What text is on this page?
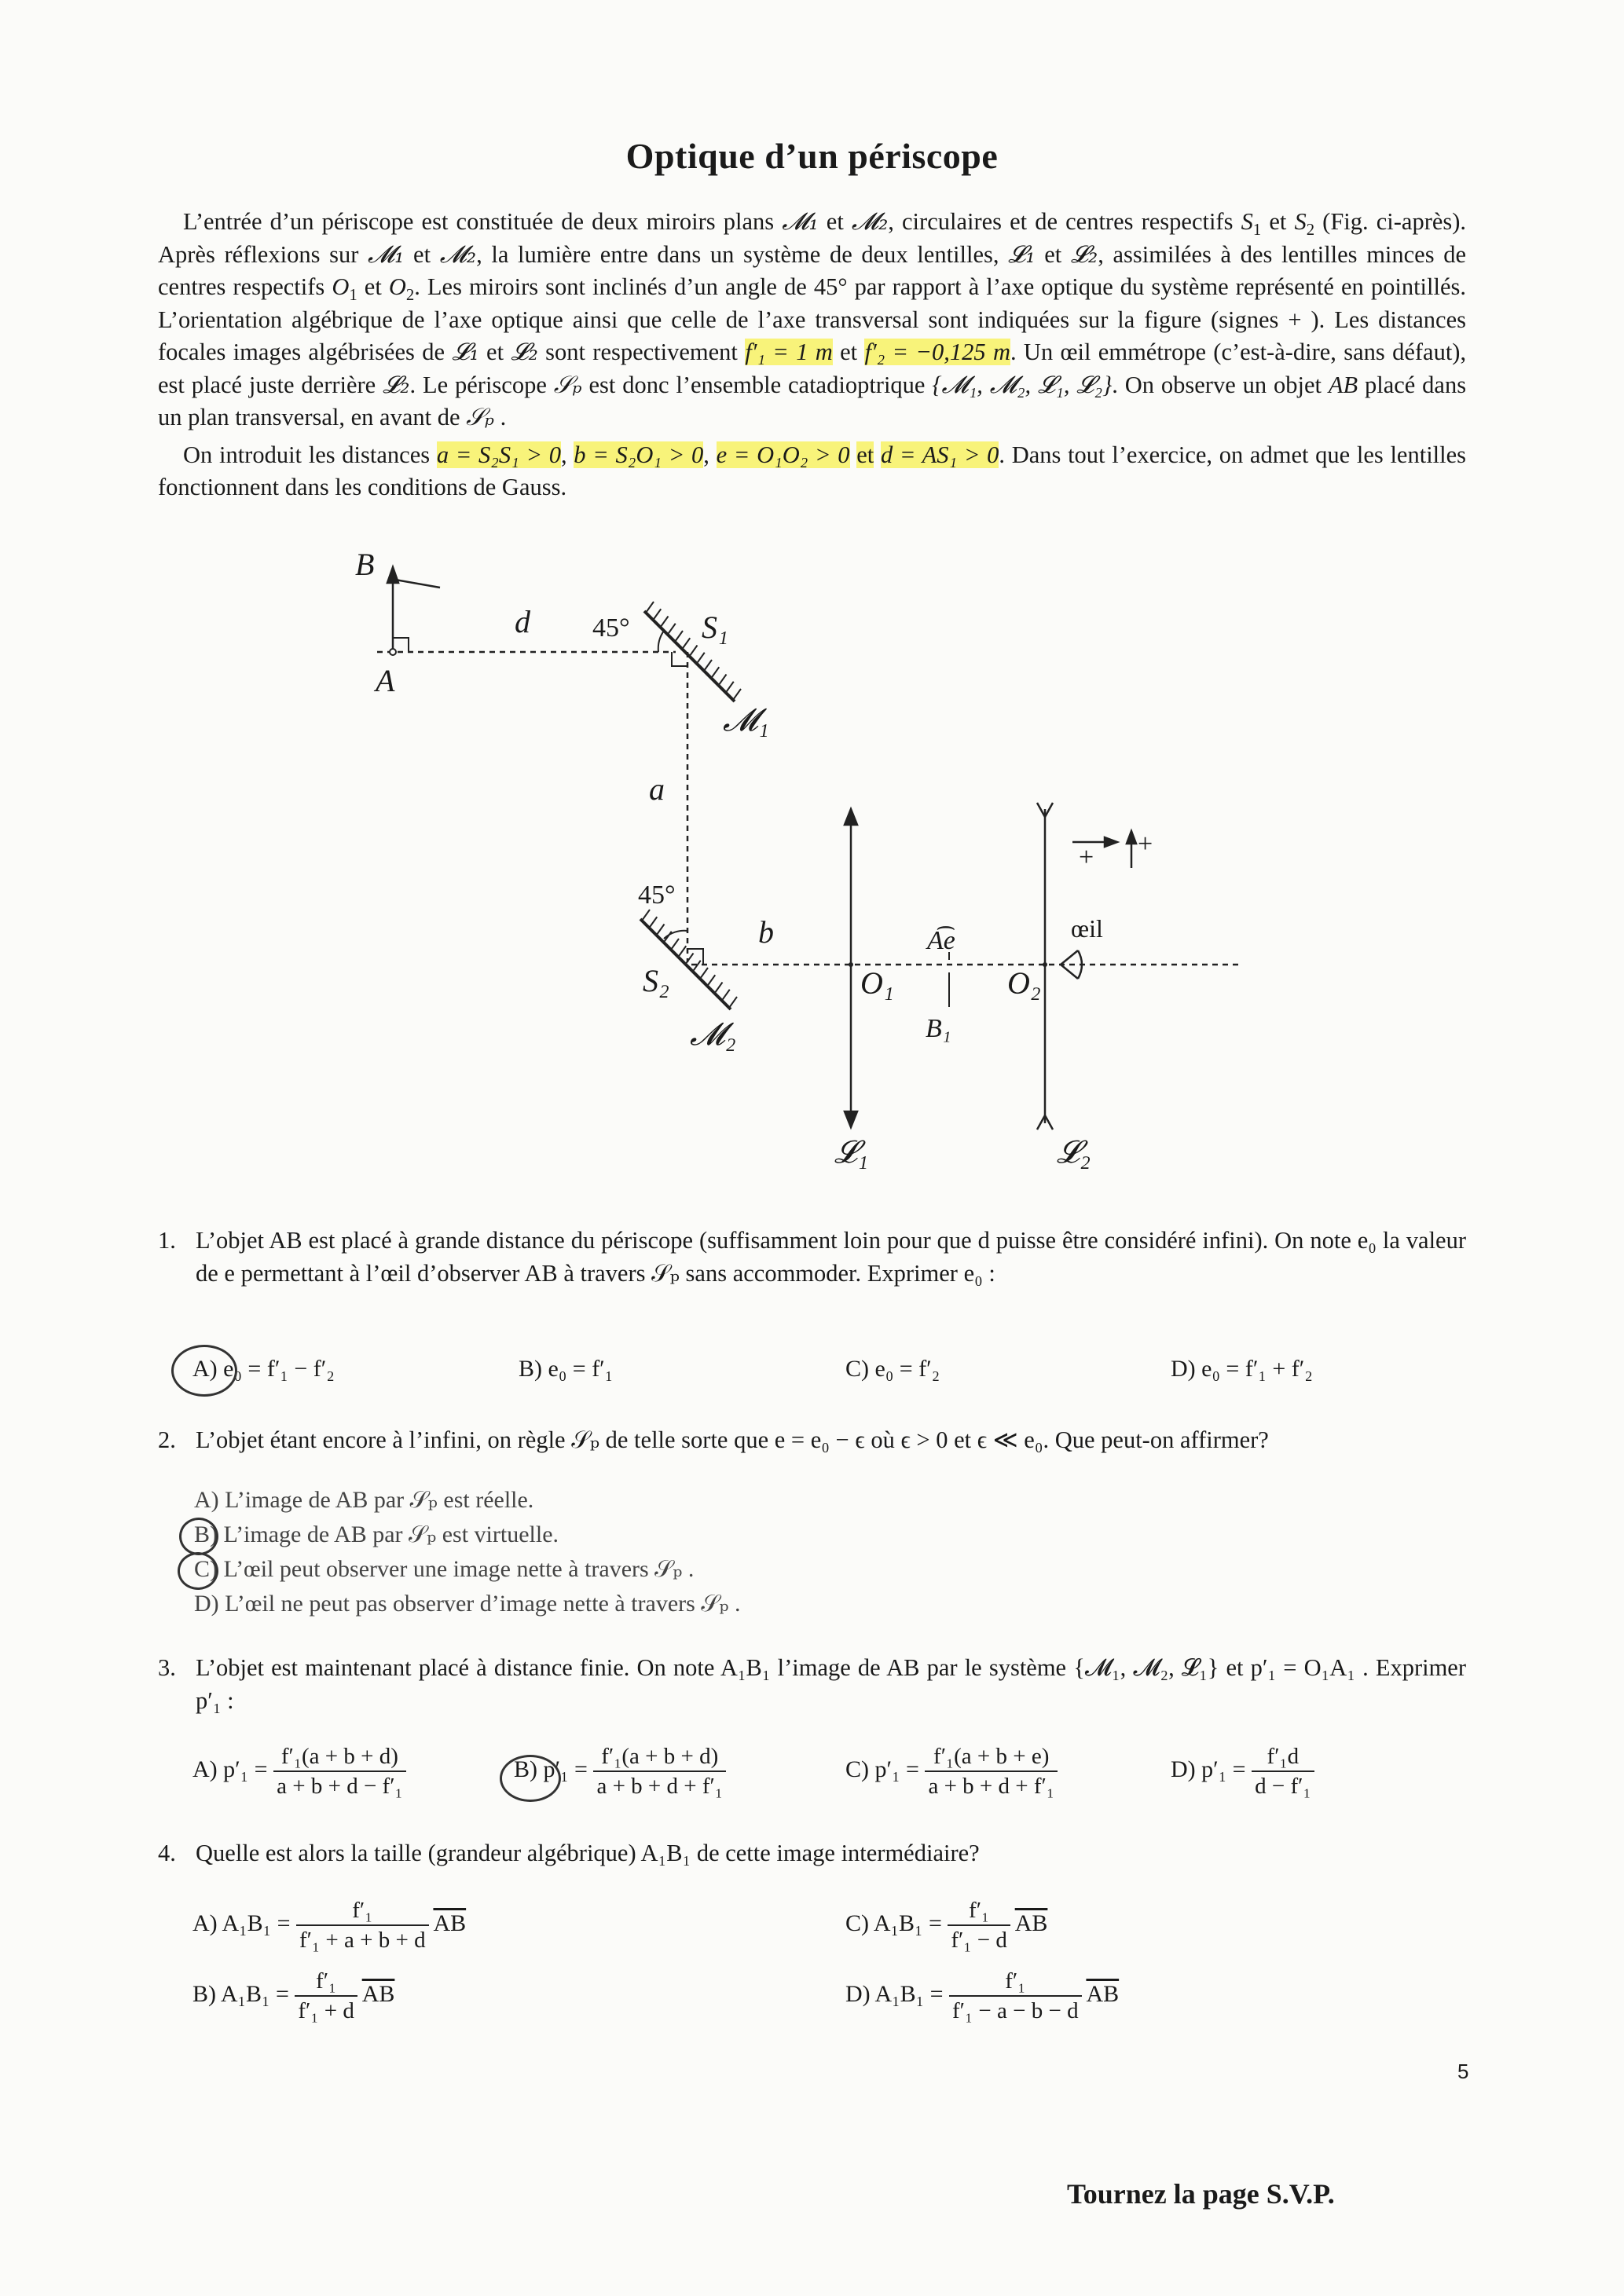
Optique d’un périscope

L’entrée d’un périscope est constituée de deux miroirs plans 𝓜₁ et 𝓜₂, circulaires et de centres respectifs $S_1$ et $S_2$ (Fig. ci-après). Après réflexions sur 𝓜₁ et 𝓜₂, la lumière entre dans un système de deux lentilles, 𝓛₁ et 𝓛₂, assimilées à des lentilles minces de centres respectifs $O_1$ et $O_2$. Les miroirs sont inclinés d’un angle de 45° par rapport à l’axe optique du système représenté en pointillés. L’orientation algébrique de l’axe optique ainsi que celle de l’axe transversal sont indiquées sur la figure (signes + ). Les distances focales images algébrisées de 𝓛₁ et 𝓛₂ sont respectivement f′₁ = 1 m et f′₂ = −0,125 m. Un œil emmétrope (c’est-à-dire, sans défaut), est placé juste derrière 𝓛₂. Le périscope 𝒮ₚ est donc l’ensemble catadioptrique {𝓜₁, 𝓜₂, 𝓛₁, 𝓛₂}. On observe un objet AB placé dans un plan transversal, en avant de 𝒮ₚ .

On introduit les distances a = S₂S₁ > 0, b = S₂O₁ > 0, e = O₁O₂ > 0 et d = AS₁ > 0. Dans tout l’exercice, on admet que les lentilles fonctionnent dans les conditions de Gauss.

B
A
d 45° S₁
𝓜₁
a
45°
b
S₂
𝓜₂
O₁	O₂
𝓛₁	𝓛₂
œil
+ +
A͡e
B₁
1. L’objet AB est placé à grande distance du périscope (suffisamment loin pour que d puisse être considéré infini). On note e₀ la valeur de e permettant à l’œil d’observer AB à travers 𝒮ₚ sans accommoder. Exprimer e₀ :
A) e₀ = f′₁ − f′₂	B) e₀ = f′₁	C) e₀ = f′₂	D) e₀ = f′₁ + f′₂
2. L’objet étant encore à l’infini, on règle 𝒮ₚ de telle sorte que e = e₀ − ϵ où ϵ > 0 et ϵ ≪ e₀. Que peut-on affirmer?
A) L’image de AB par 𝒮ₚ est réelle.
B) L’image de AB par 𝒮ₚ est virtuelle.
C) L’œil peut observer une image nette à travers 𝒮ₚ .
D) L’œil ne peut pas observer d’image nette à travers 𝒮ₚ .
3. L’objet est maintenant placé à distance finie. On note A₁B₁ l’image de AB par le système {𝓜₁, 𝓜₂, 𝓛₁} et p′₁ = O₁A₁ . Exprimer p′₁ :
A) $p'_1 = \frac{\text{f′₁(a + b + d)}}{\text{a + b + d − f′₁}}$	B) $p'_1 = \frac{\text{f′₁(a + b + d)}}{\text{a + b + d + f′₁}}$	C) $p'_1 = \frac{\text{f′₁(a + b + e)}}{\text{a + b + d + f′₁}}$	D) $p'_1 = \frac{\text{f′₁d}}{\text{d − f′₁}}$
4. Quelle est alors la taille (grandeur algébrique) A₁B₁ de cette image intermédiaire?
A) $A_1B_1 = \frac{\text{f′₁}}{\text{f′₁ + a + b + d}} \overline{AB}$
B) $A_1B_1 = \frac{\text{f′₁}}{\text{f′₁ + d}} \overline{AB}$
C) $A_1B_1 = \frac{\text{f′₁}}{\text{f′₁ − d}} \overline{AB}$
D) $A_1B_1 = \frac{\text{f′₁}}{\text{f′₁ − a − b − d}} \overline{AB}$
5
Tournez la page S.V.P.
